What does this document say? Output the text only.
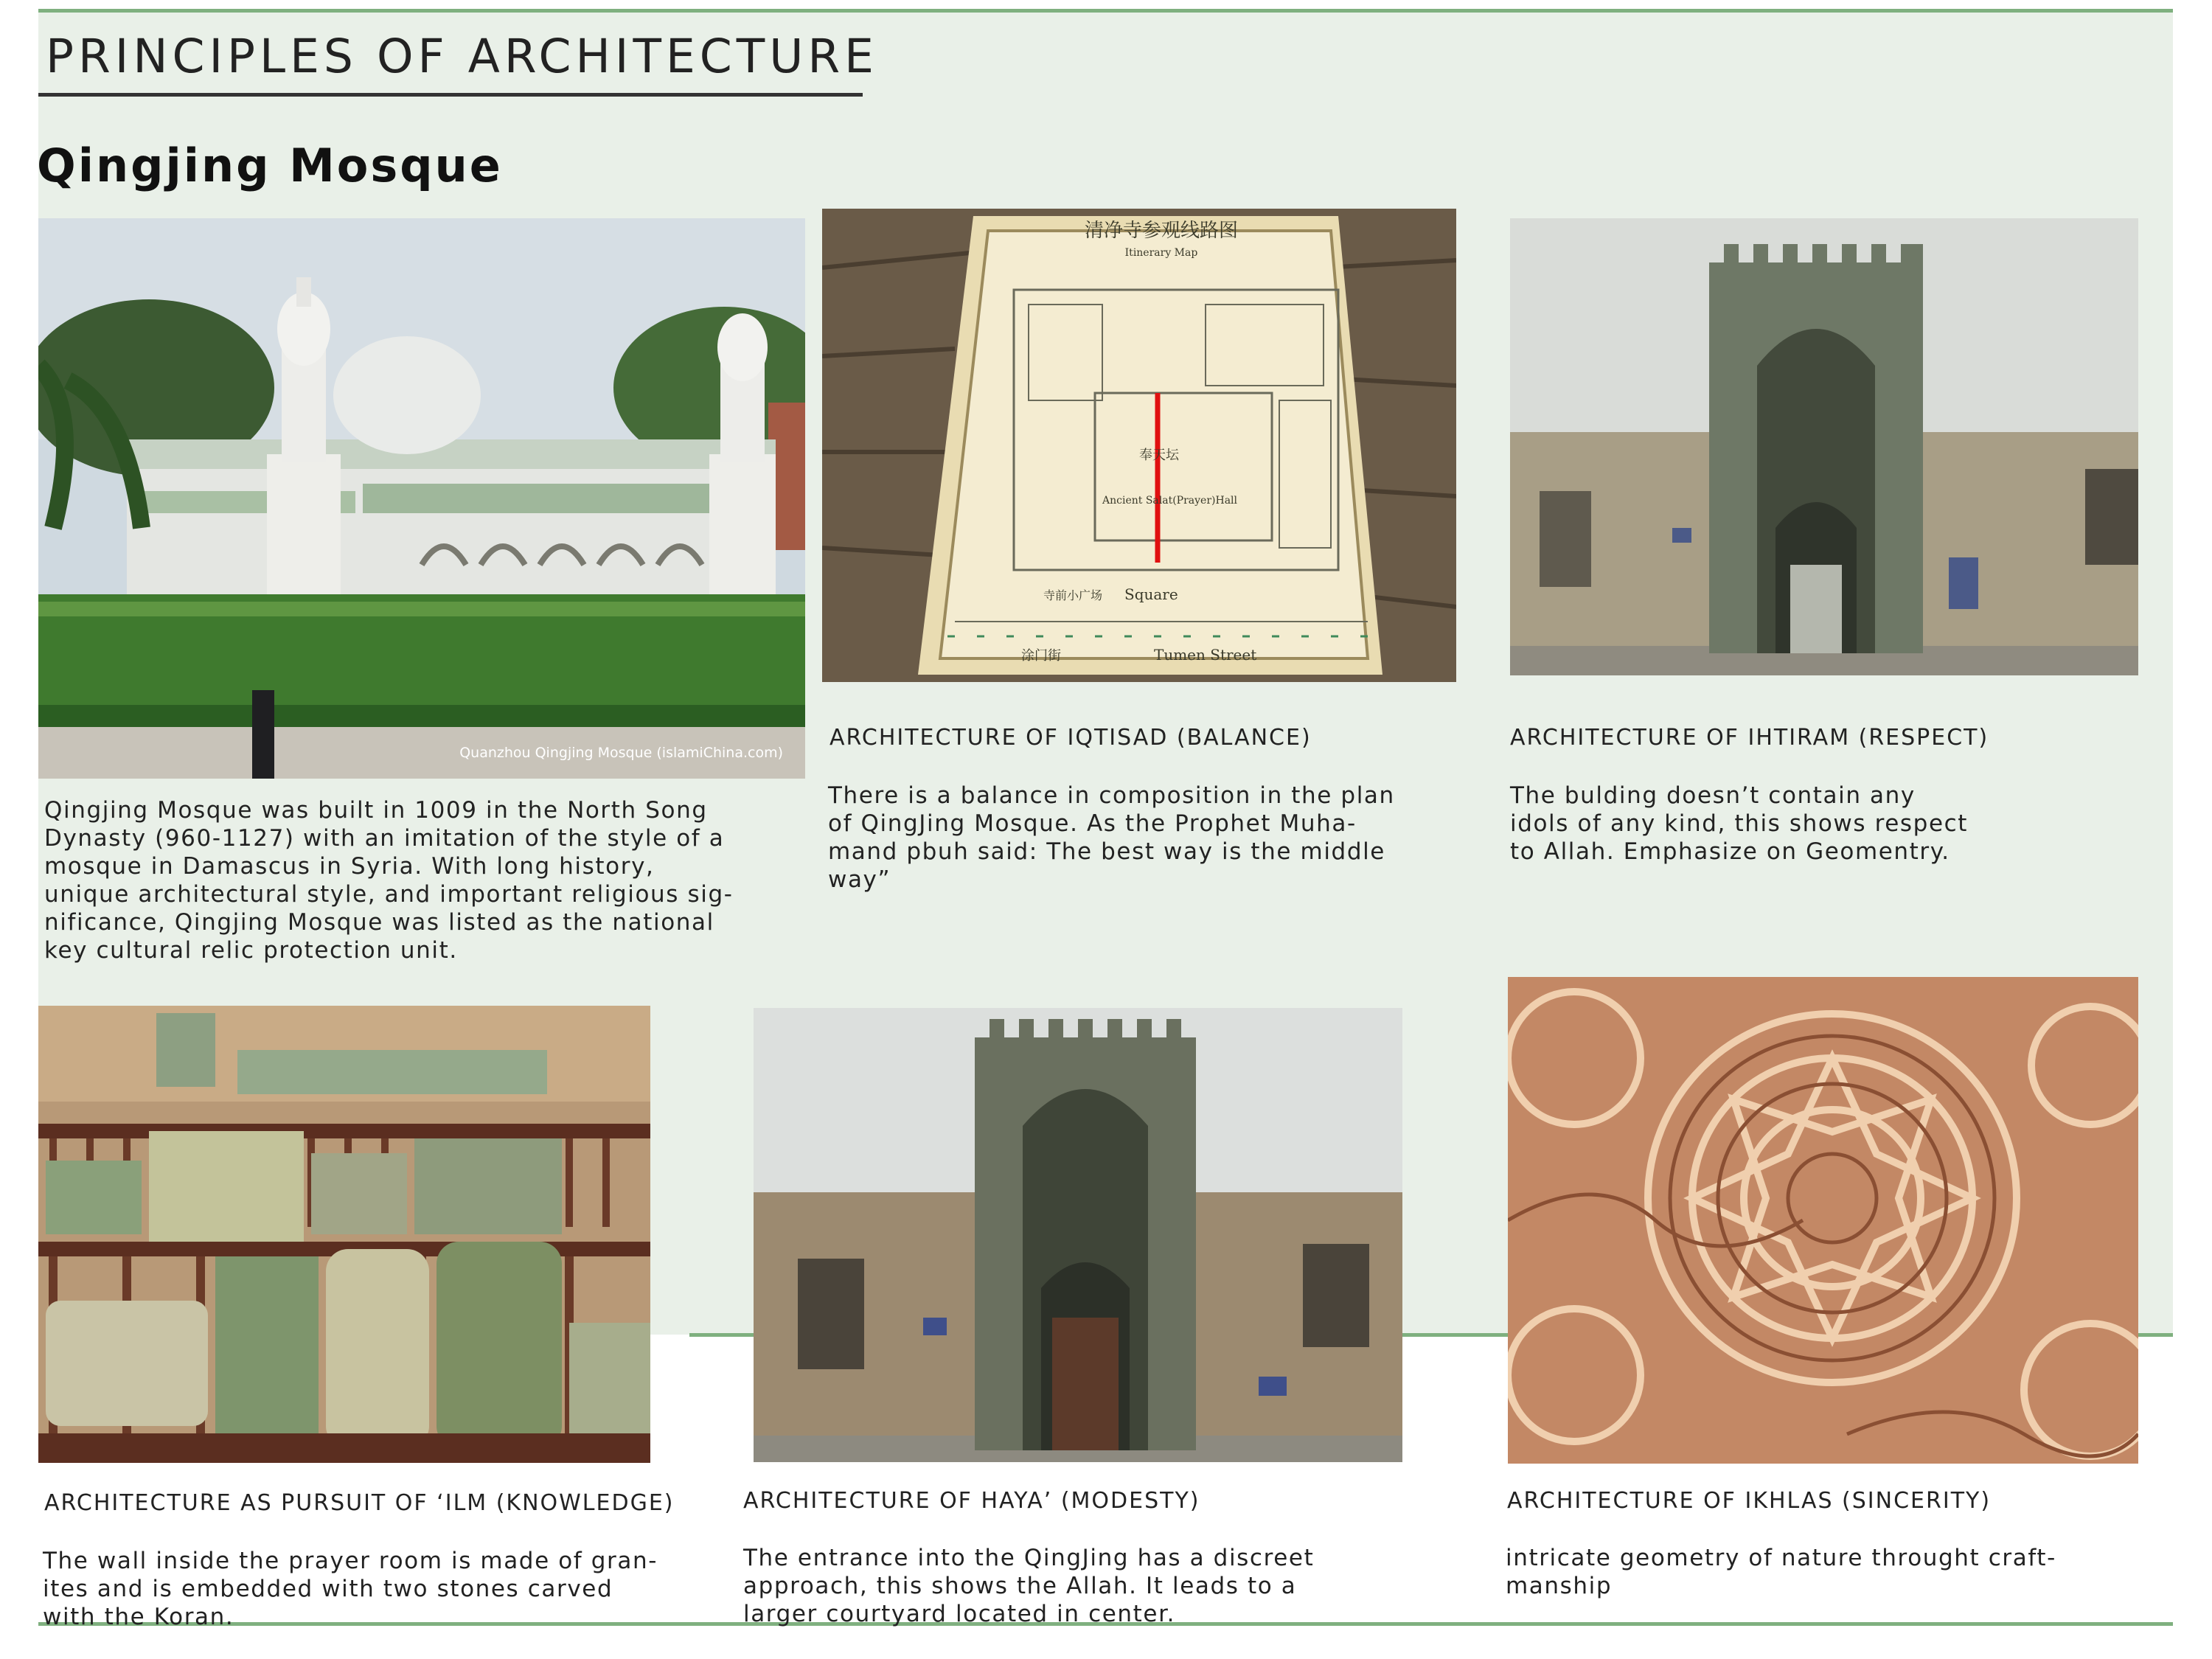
PRINCIPLES OF ARCHITECTURE
Qingjing Mosque
Quanzhou Qingjing Mosque (islamiChina.com)
清净寺参观线路图
Itinerary Map
奉天坛
Ancient Salat(Prayer)Hall
寺前小广场 Square
涂门街	Tumen Street

Qingjing Mosque was built in 1009 in the North Song
Dynasty (960-1127) with an imitation of the style of a
mosque in Damascus in Syria. With long history,
unique architectural style, and important religious sig-
nificance, Qingjing Mosque was listed as the national
key cultural relic protection unit.

ARCHITECTURE OF IQTISAD (BALANCE)

There is a balance in composition in the plan
of QingJing Mosque. As the Prophet Muha-
mand pbuh said: The best way is the middle
way”

ARCHITECTURE OF IHTIRAM (RESPECT)

The bulding doesn’t contain any
idols of any kind, this shows respect
to Allah. Emphasize on Geomentry.

ARCHITECTURE AS PURSUIT OF ‘ILM (KNOWLEDGE)

The wall inside the prayer room is made of gran-
ites and is embedded with two stones carved
with the Koran.

ARCHITECTURE OF HAYA’ (MODESTY)

The entrance into the QingJing has a discreet
approach, this shows the Allah. It leads to a
larger courtyard located in center.

ARCHITECTURE OF IKHLAS (SINCERITY)

intricate geometry of nature throught craft-
manship
